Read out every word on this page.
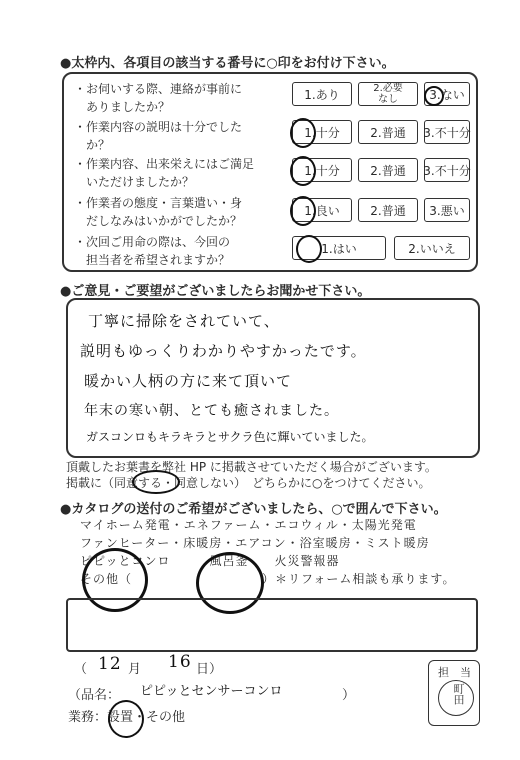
●太枠内、各項目の該当する番号に○印をお付け下さい。
・お伺いする際、連絡が事前に
　ありましたか？
1.あり	2.必要
なし	3.ない
・作業内容の説明は十分でした
　か？
1.十分	2.普通	3.不十分
・作業内容、出来栄えにはご満足
　いただけましたか？
1.十分	2.普通	3.不十分
・作業者の態度・言葉遣い・身
　だしなみはいかがでしたか？
1.良い	2.普通	3.悪い
・次回ご用命の際は、今回の
　担当者を希望されますか？
1.はい	2.いいえ
●ご意見・ご要望がございましたらお聞かせ下さい。
丁寧に掃除をされていて、
説明もゆっくりわかりやすかったです。
暖かい人柄の方に来て頂いて
年末の寒い朝、とても癒されました。
ガスコンロもキラキラとサクラ色に輝いていました。
頂戴したお葉書を弊社 HP に掲載させていただく場合がございます。
掲載に（同意する・同意しない）　どちらかに○をつけてください。
●カタログの送付のご希望がございましたら、○で囲んで下さい。
マイホーム発電・エネファーム・エコウィル・太陽光発電
ファンヒーター・床暖房・エアコン・浴室暖房・ミスト暖房
ピピッとコンロ　　　風呂釜　　火災警報器
その他（　　　　　　　　　　）＊リフォーム相談も承ります。
（ 12 月 16 日）
（品名： ピピッとセンサーコンロ	）
業務：設置・その他
担　当
町田
